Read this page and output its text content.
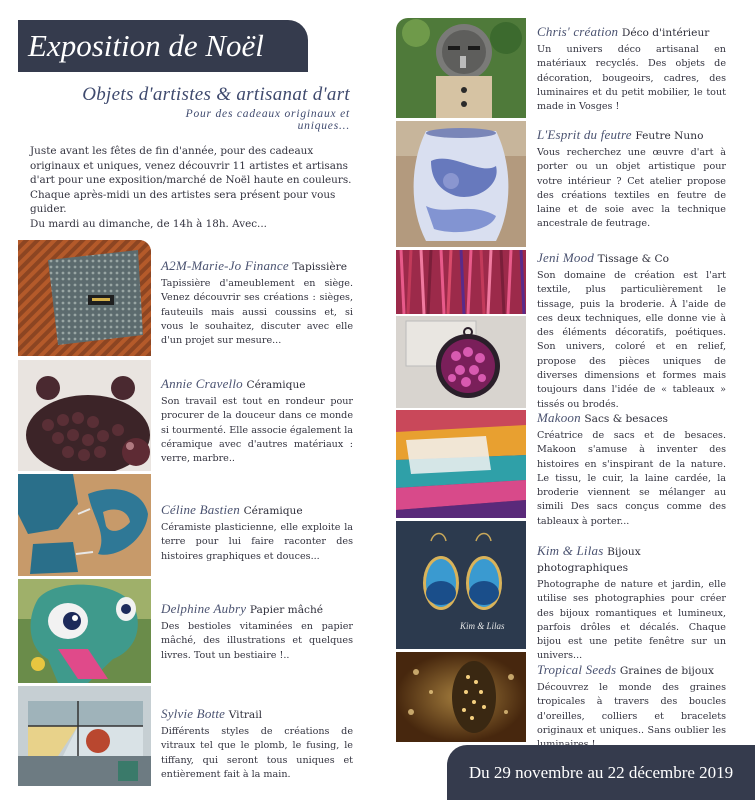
Exposition de Noël
Objets d'artistes & artisanat d'art
Pour des cadeaux originaux et uniques...

Juste avant les fêtes de fin d'année, pour des cadeaux originaux et uniques, venez découvrir 11 artistes et artisans d'art pour une exposition/marché de Noël haute en couleurs.

Chaque après-midi un des artistes sera présent pour vous guider.

Du mardi au dimanche, de 14h à 18h. Avec...

A2M-Marie-Jo Finance Tapissière
Tapissière d'ameublement en siège. Venez découvrir ses créations : sièges, fauteuils mais aussi coussins et, si vous le souhaitez, discuter avec elle d'un projet sur mesure...
Annie Cravello Céramique
Son travail est tout en rondeur pour procurer de la douceur dans ce monde si tourmenté. Elle associe également la céramique avec d'autres matériaux : verre, marbre..
Céline Bastien Céramique
Céramiste plasticienne, elle exploite la terre pour lui faire raconter des histoires graphiques et douces...
Delphine Aubry Papier mâché
Des bestioles vitaminées en papier mâché, des illustrations et quelques livres. Tout un bestiaire !..
Sylvie Botte Vitrail
Différents styles de créations de vitraux tel que le plomb, le fusing, le tiffany, qui seront tous uniques et entièrement fait à la main.
Chris' création Déco d'intérieur
Un univers déco artisanal en matériaux recyclés. Des objets de décoration, bougeoirs, cadres, des luminaires et du petit mobilier, le tout made in Vosges !
L'Esprit du feutre Feutre Nuno
Vous recherchez une œuvre d'art à porter ou un objet artistique pour votre intérieur ? Cet atelier propose des créations textiles en feutre de laine et de soie avec la technique ancestrale de feutrage.
Jeni Mood Tissage & Co
Son domaine de création est l'art textile, plus particulièrement le tissage, puis la broderie. À l'aide de ces deux techniques, elle donne vie à des éléments décoratifs, poétiques. Son univers, coloré et en relief, propose des pièces uniques de diverses dimensions et formes mais toujours dans l'idée de « tableaux » tissés ou brodés.
Makoon Sacs & besaces
Créatrice de sacs et de besaces. Makoon s'amuse à inventer des histoires en s'inspirant de la nature. Le tissu, le cuir, la laine cardée, la broderie viennent se mélanger au simili Des sacs conçus comme des tableaux à porter...
Kim & Lilas
Kim & Lilas Bijoux photographiques
Photographe de nature et jardin, elle utilise ses photographies pour créer des bijoux romantiques et lumineux, parfois drôles et décalés. Chaque bijou est une petite fenêtre sur un univers...
Tropical Seeds Graines de bijoux
Découvrez le monde des graines tropicales à travers des boucles d'oreilles, colliers et bracelets originaux et uniques.. Sans oublier les
Du 29 novembre au 22 décembre 2019
